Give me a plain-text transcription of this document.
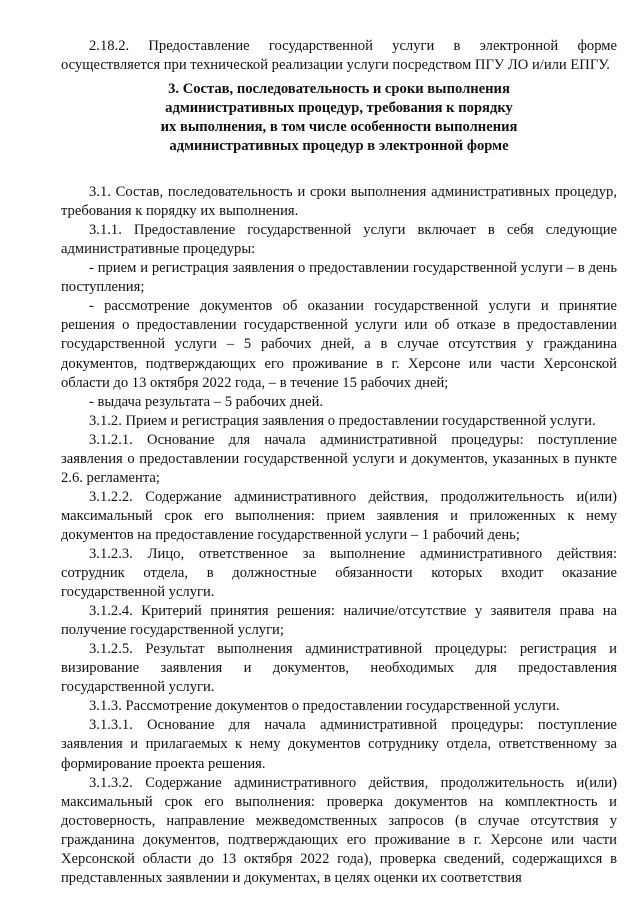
2.18.2. Предоставление государственной услуги в электронной форме осуществляется при технической реализации услуги посредством ПГУ ЛО и/или ЕПГУ.

3. Состав, последовательность и сроки выполнения
административных процедур, требования к порядку
их выполнения, в том числе особенности выполнения
административных процедур в электронной форме

3.1. Состав, последовательность и сроки выполнения административных процедур, требования к порядку их выполнения.

3.1.1. Предоставление государственной услуги включает в себя следующие административные процедуры:

- прием и регистрация заявления о предоставлении государственной услуги – в день поступления;

- рассмотрение документов об оказании государственной услуги и принятие решения о предоставлении государственной услуги или об отказе в предоставлении государственной услуги – 5 рабочих дней, а в случае отсутствия у гражданина документов, подтверждающих его проживание в г. Херсоне или части Херсонской области до 13 октября 2022 года, – в течение 15 рабочих дней;

- выдача результата – 5 рабочих дней.

3.1.2. Прием и регистрация заявления о предоставлении государственной услуги.

3.1.2.1. Основание для начала административной процедуры: поступление заявления о предоставлении государственной услуги и документов, указанных в пункте 2.6. регламента;

3.1.2.2. Содержание административного действия, продолжительность и(или) максимальный срок его выполнения: прием заявления и приложенных к нему документов на предоставление государственной услуги – 1 рабочий день;

3.1.2.3. Лицо, ответственное за выполнение административного действия: сотрудник отдела, в должностные обязанности которых входит оказание государственной услуги.

3.1.2.4. Критерий принятия решения: наличие/отсутствие у заявителя права на получение государственной услуги;

3.1.2.5. Результат выполнения административной процедуры: регистрация и визирование заявления и документов, необходимых для предоставления государственной услуги.

3.1.3. Рассмотрение документов о предоставлении государственной услуги.

3.1.3.1. Основание для начала административной процедуры: поступление заявления и прилагаемых к нему документов сотруднику отдела, ответственному за формирование проекта решения.

3.1.3.2. Содержание административного действия, продолжительность и(или) максимальный срок его выполнения: проверка документов на комплектность и достоверность, направление межведомственных запросов (в случае отсутствия у гражданина документов, подтверждающих его проживание в г. Херсоне или части Херсонской области до 13 октября 2022 года), проверка сведений, содержащихся в представленных заявлении и документах, в целях оценки их соответствия
